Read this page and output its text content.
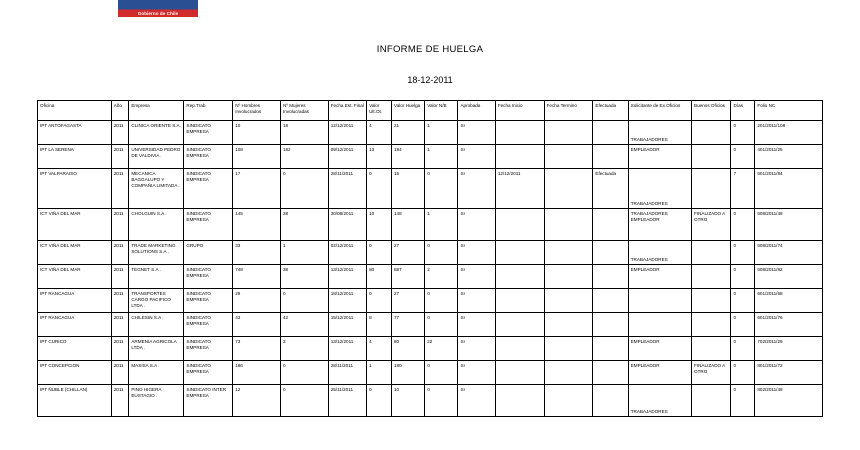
Gobierno de Chile
INFORME DE HUELGA
18-12-2011
Oficina	Año	Empresa	Rep.Trab.	Nº Hombres Involucrados	Nº Mujeres Involucradas	Fecha Est. Final	Valor Ult.Ot.	Valor Huelga	Valor N/B	Aprobada	Fecha Inicio	Fecha Termino	Efectuada	Solicitante de Ex.Oficios	Buenos Oficios	Días	Folio NC
IPT ANTOFAGASTA	2011	CLINICA ORIENTE S.A.	SINDICATO EMPRESA	10	18	12/12/2011	4	21	1	SI				TRABAJADORES		0	201/2011/108
IPT LA SERENA	2011	UNIVERSIDAD PEDRO DE VALDIVIA .	SINDICATO EMPRESA	108	182	09/12/2011	13	194	1	SI				EMPLEADOR		0	401/2011/25
IPT VALPARAISO	2011	MECANICA BAGGALUPO Y COMPAÑIA LIMITADA .	SINDICATO EMPRESA	17	0	28/11/2011	0	15	0	SI	12/12/2011		Efectuada	TRABAJADORES		7	501/2011/84
ICT VIÑA DEL MAR	2011	CHOLGUIN S.A .	SINDICATO EMPRESA	145	28	30/08/2011	10	148	1	SI				TRABAJADORES EMPLEADOR	FINALIZADO A OTRO	0	508/2011/48
ICT VIÑA DEL MAR	2011	TRADE MARKETING SOLUTIONS S.A .	GRUPO	33	1	02/12/2011	0	27	0	SI				TRABAJADORES		0	508/2011/74
ICT VIÑA DEL MAR	2011	TEGNET S.A .	SINDICATO EMPRESA	748	38	13/12/2011	80	887	2	SI				EMPLEADOR		0	508/2011/82
IPT RANCAGUA	2011	TRANSPORTES CARGO PACIFICO LTDA .	SINDICATO EMPRESA	29	0	18/12/2011	0	27	0	SI						0	601/2011/68
IPT RANCAGUA	2011	CHILESIN S.A .	SINDICATO EMPRESA	43	42	15/12/2011	8	77	0	SI						0	601/2011/76
IPT CURICO	2011	ARMENIA AGRICOLA LTDA .	SINDICATO EMPRESA	73	3	13/12/2011	4	80	22	SI				EMPLEADOR		0	702/2011/29
IPT CONCEPCION	2011	MASISA S.A .	SINDICATO EMPRESA	186	0	28/11/2011	1	180	0	SI				EMPLEADOR	FINALIZADO A OTRO	0	801/2011/72
IPT ÑUBLE (CHILLAN)	2011	PINO HIGERA EUSTAGIO .	SINDICATO INTER EMPRESA	12	0	25/11/2011	0	10	0	SI				TRABAJADORES		0	802/2011/48
